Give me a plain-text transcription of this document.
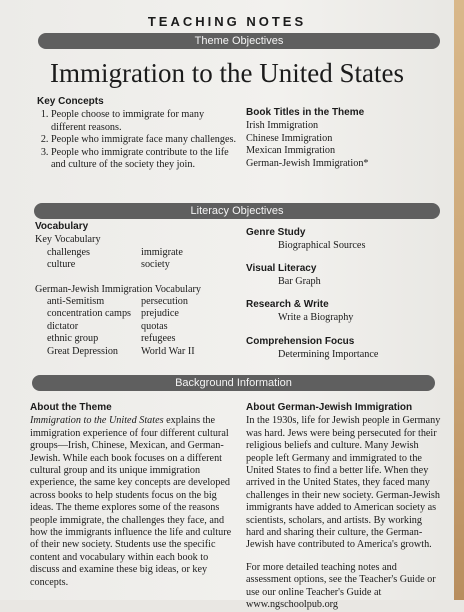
TEACHING NOTES
Theme Objectives
Immigration to the United States
Key Concepts
1. People choose to immigrate for many different reasons.
2. People who immigrate face many challenges.
3. People who immigrate contribute to the life and culture of the society they join.
Book Titles in the Theme
Irish Immigration
Chinese Immigration
Mexican Immigration
German-Jewish Immigration*
Literacy Objectives
Vocabulary
Key Vocabulary
challenges
culture
immigrate
society
German-Jewish Immigration Vocabulary
anti-Semitism
concentration camps
dictator
ethnic group
Great Depression
persecution
prejudice
quotas
refugees
World War II
Genre Study
Biographical Sources
Visual Literacy
Bar Graph
Research & Write
Write a Biography
Comprehension Focus
Determining Importance
Background Information
About the Theme
Immigration to the United States explains the immigration experience of four different cultural groups—Irish, Chinese, Mexican, and German-Jewish. While each book focuses on a different cultural group and its unique immigration experience, the same key concepts are developed across books to help students focus on the big ideas. The theme explores some of the reasons people immigrate, the challenges they face, and how the immigrants influence the life and culture of their new society. Students use the specific content and vocabulary within each book to discuss and examine these big ideas, or key concepts.
About German-Jewish Immigration
In the 1930s, life for Jewish people in Germany was hard. Jews were being persecuted for their religious beliefs and culture. Many Jewish people left Germany and immigrated to the United States to find a better life. When they arrived in the United States, they faced many challenges in their new society. German-Jewish immigrants have added to American society as scientists, scholars, and artists. By working hard and sharing their culture, the German-Jewish have contributed to America's growth.
For more detailed teaching notes and assessment options, see the Teacher's Guide or use our online Teacher's Guide at www.ngschoolpub.org
